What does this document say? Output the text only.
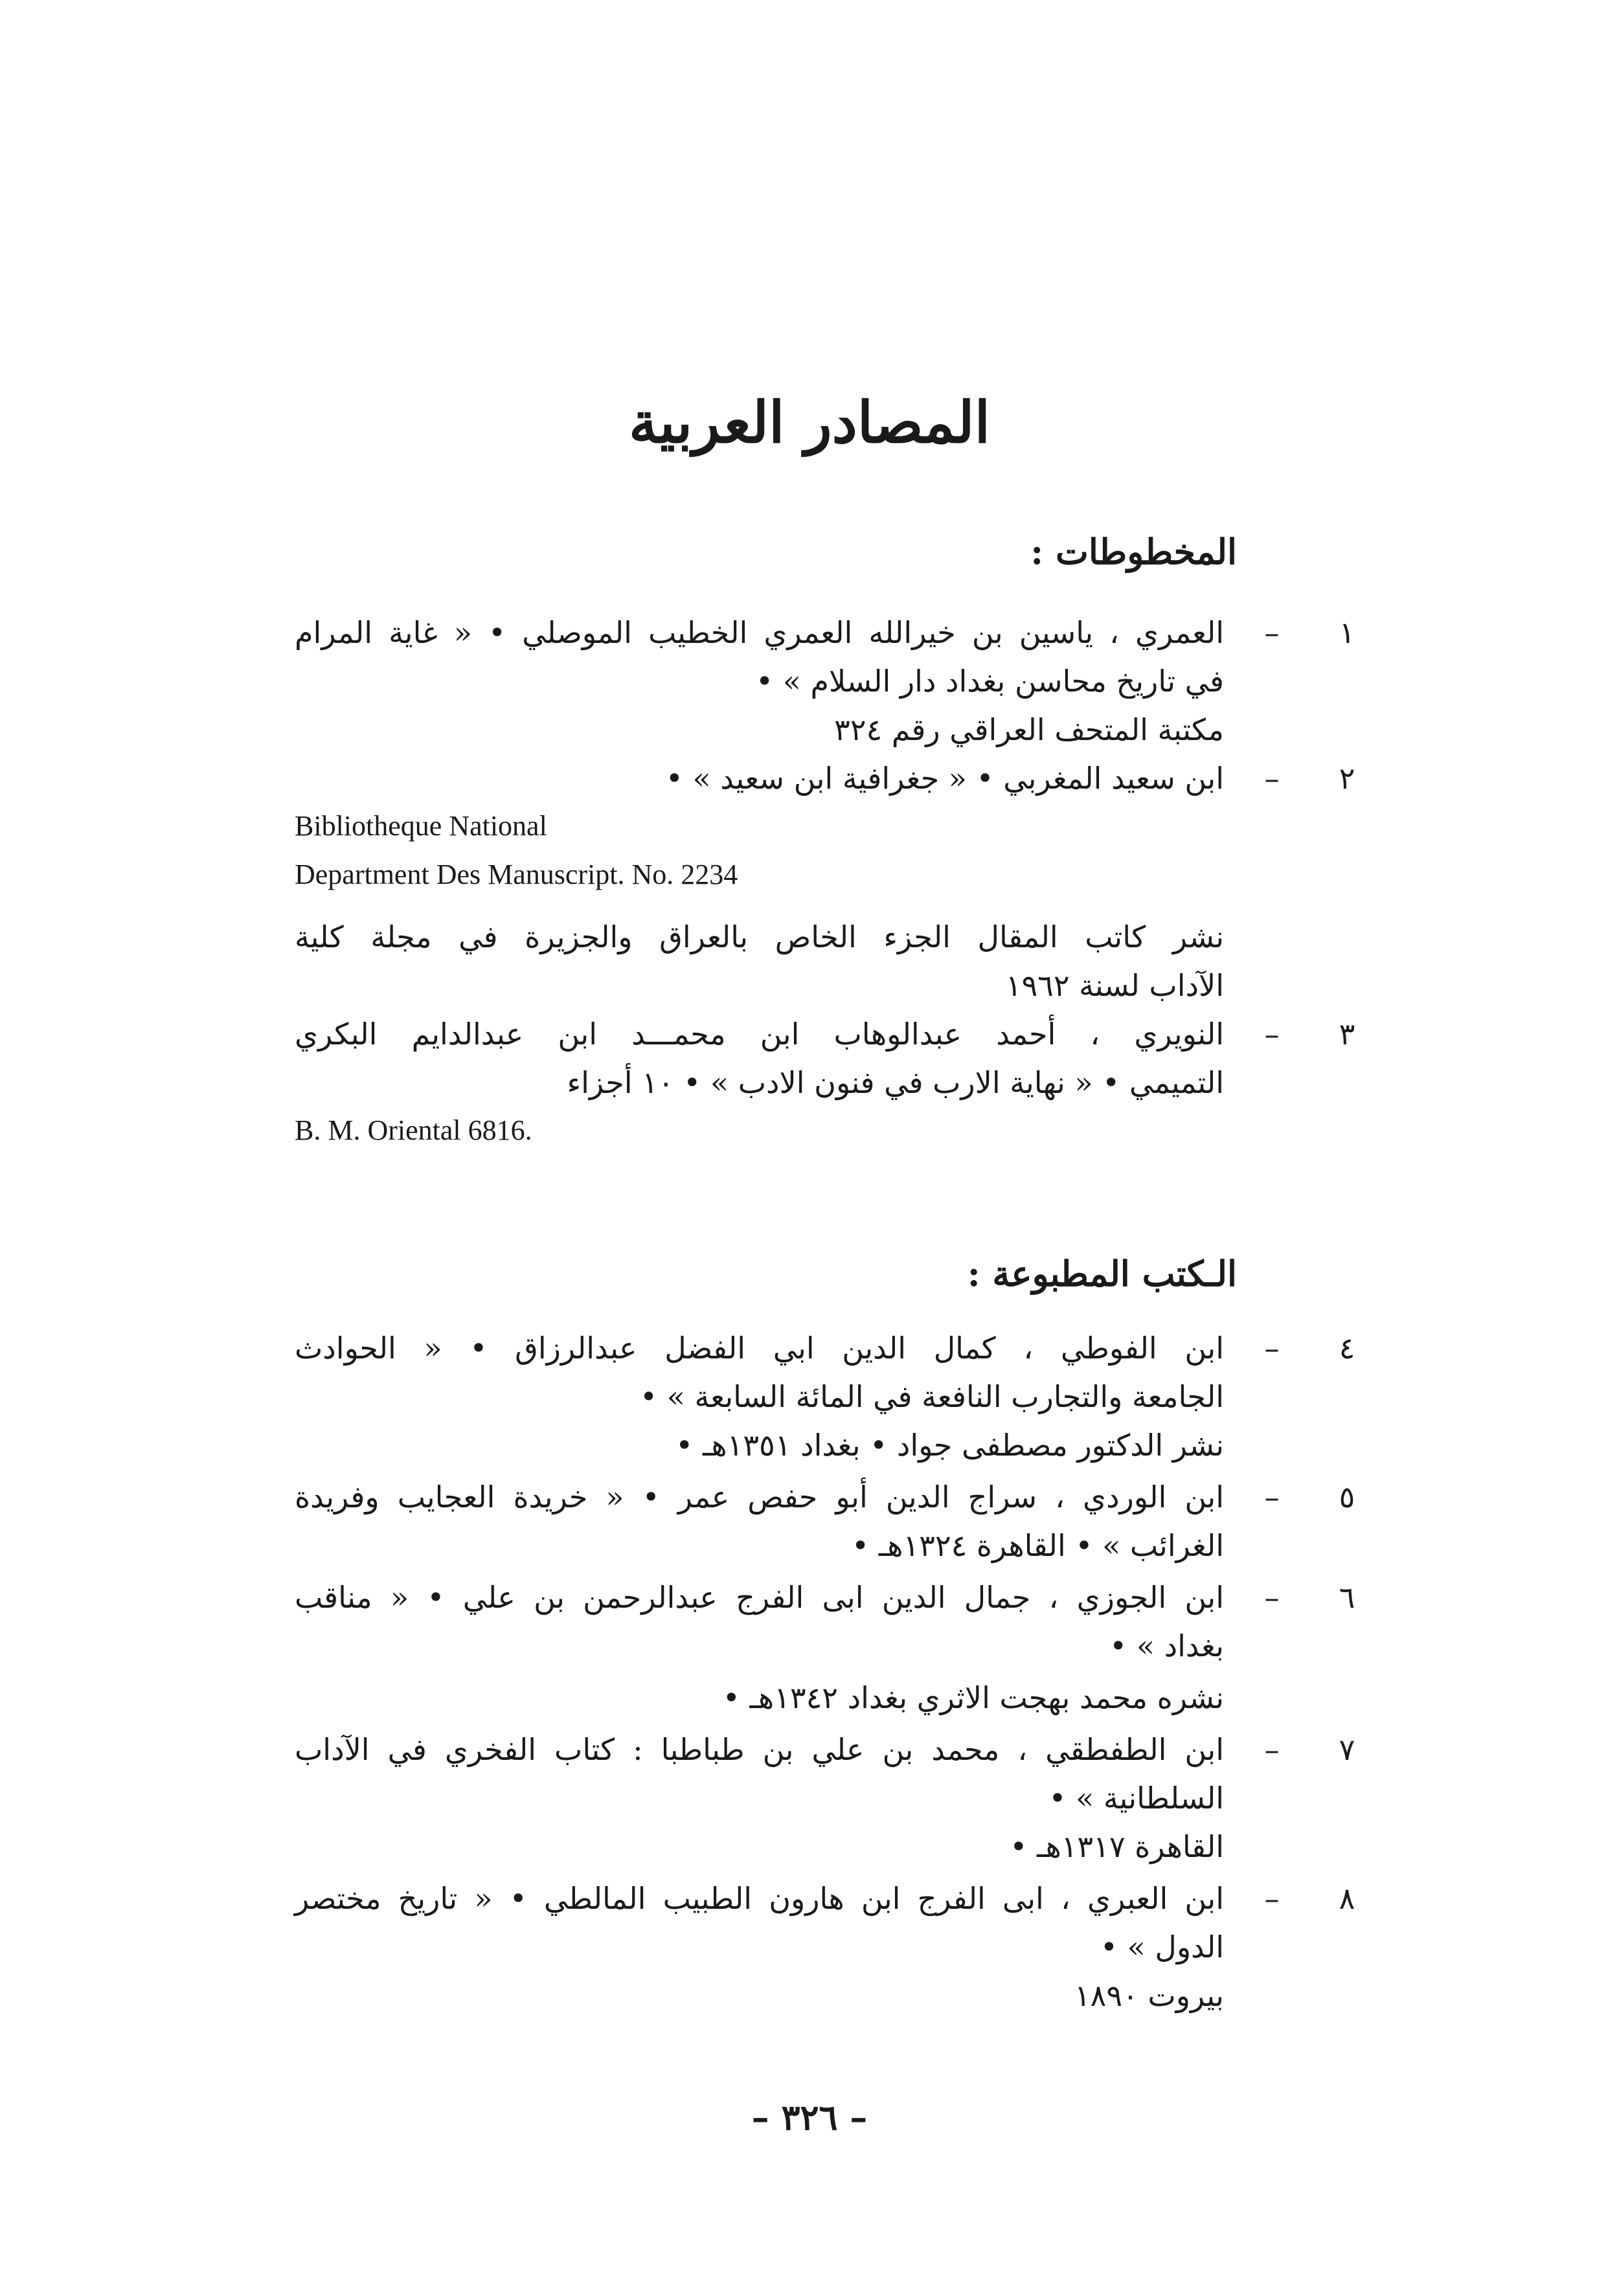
المصادر العربية
المخطوطات :
١
–
العمري ، ياسين بن خيرالله العمري الخطيب الموصلي • « غاية المرام
في تاريخ محاسن بغداد دار السلام » •
مكتبة المتحف العراقي رقم ٣٢٤
٢
–
ابن سعيد المغربي • « جغرافية ابن سعيد » •
Bibliotheque National
Department Des Manuscript. No. 2234
نشر كاتب المقال الجزء الخاص بالعراق والجزيرة في مجلة كلية
الآداب لسنة ١٩٦٢
٣
–
النويري ، أحمد عبدالوهاب ابن محمـــد ابن عبدالدايم البكري
التميمي • « نهاية الارب في فنون الادب » • ١٠ أجزاء
B. M. Oriental 6816.
الـكتب المطبوعة :
٤
–
ابن الفوطي ، كمال الدين ابي الفضل عبدالرزاق • « الحوادث
الجامعة والتجارب النافعة في المائة السابعة » •
نشر الدكتور مصطفى جواد • بغداد ١٣٥١هـ •
٥
–
ابن الوردي ، سراج الدين أبو حفص عمر • « خريدة العجايب وفريدة
الغرائب » • القاهرة ١٣٢٤هـ •
٦
–
ابن الجوزي ، جمال الدين ابى الفرج عبدالرحمن بن علي • « مناقب
بغداد » •
نشره محمد بهجت الاثري بغداد ١٣٤٢هـ •
٧
–
ابن الطفطقي ، محمد بن علي بن طباطبا : كتاب الفخري في الآداب
السلطانية » •
القاهرة ١٣١٧هـ •
٨
–
ابن العبري ، ابى الفرج ابن هارون الطبيب المالطي • « تاريخ مختصر
الدول » •
بيروت ١٨٩٠
– ٣٢٦ –
